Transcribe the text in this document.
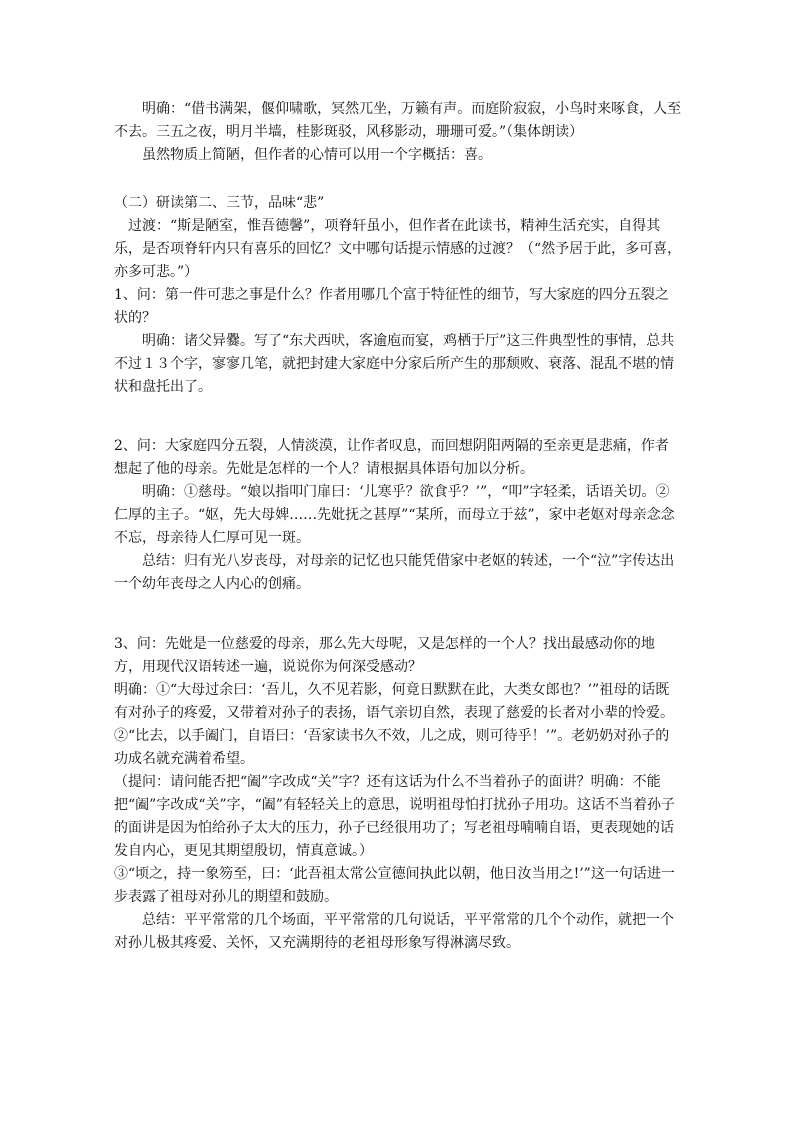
明确：“借书满架，偃仰啸歌，冥然兀坐，万籁有声。而庭阶寂寂，小鸟时来啄食，人至不去。三五之夜，明月半墙，桂影斑驳，风移影动，珊珊可爱。”（集体朗读）

虽然物质上简陋，但作者的心情可以用一个字概括：喜。

（二）研读第二、三节，品味“悲”

过渡：“斯是陋室，惟吾德馨”，项脊轩虽小，但作者在此读书，精神生活充实，自得其乐，是否项脊轩内只有喜乐的回忆？文中哪句话提示情感的过渡？（“然予居于此，多可喜，亦多可悲。”）

1、问：第一件可悲之事是什么？作者用哪几个富于特征性的细节，写大家庭的四分五裂之状的？

明确：诸父异爨。写了“东犬西吠，客逾庖而宴，鸡栖于厅”这三件典型性的事情，总共不过１３个字，寥寥几笔，就把封建大家庭中分家后所产生的那颓败、衰落、混乱不堪的情状和盘托出了。

2、问：大家庭四分五裂，人情淡漠，让作者叹息，而回想阴阳两隔的至亲更是悲痛，作者想起了他的母亲。先妣是怎样的一个人？请根据具体语句加以分析。

明确：①慈母。“娘以指叩门扉曰：‘儿寒乎？欲食乎？’”，“叩”字轻柔，话语关切。②仁厚的主子。“妪，先大母婢……先妣抚之甚厚”“某所，而母立于兹”，家中老妪对母亲念念不忘，母亲待人仁厚可见一斑。

总结：归有光八岁丧母，对母亲的记忆也只能凭借家中老妪的转述，一个“泣”字传达出一个幼年丧母之人内心的创痛。

3、问：先妣是一位慈爱的母亲，那么先大母呢，又是怎样的一个人？找出最感动你的地方，用现代汉语转述一遍，说说你为何深受感动？

明确：①“大母过余曰：‘吾儿，久不见若影，何竟日默默在此，大类女郎也？’”祖母的话既有对孙子的疼爱，又带着对孙子的表扬，语气亲切自然，表现了慈爱的长者对小辈的怜爱。②“比去，以手阖门，自语曰：‘吾家读书久不效，儿之成，则可待乎！’”。老奶奶对孙子的功成名就充满着希望。

（提问：请问能否把“阖”字改成“关”字？还有这话为什么不当着孙子的面讲？明确：不能把“阖”字改成“关”字，“阖”有轻轻关上的意思，说明祖母怕打扰孙子用功。这话不当着孙子的面讲是因为怕给孙子太大的压力，孙子已经很用功了；写老祖母喃喃自语，更表现她的话发自内心，更见其期望殷切，情真意诚。）

③“顷之，持一象笏至，曰：‘此吾祖太常公宣德间执此以朝，他日汝当用之!’”这一句话进一步表露了祖母对孙儿的期望和鼓励。

总结：平平常常的几个场面，平平常常的几句说话，平平常常的几个个动作，就把一个对孙儿极其疼爱、关怀，又充满期待的老祖母形象写得淋漓尽致。
